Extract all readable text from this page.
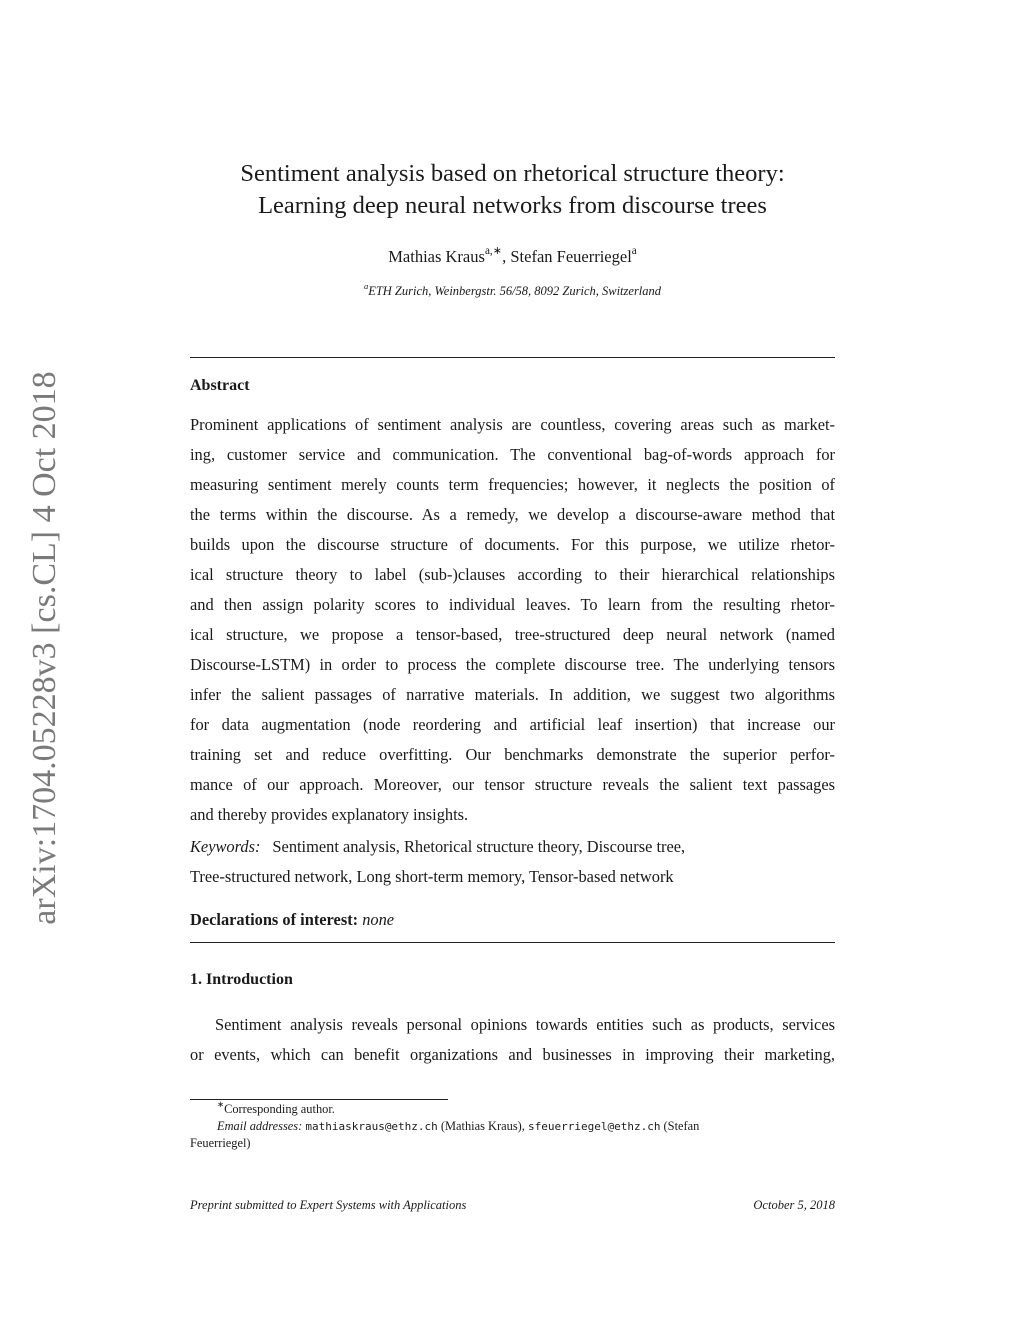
arXiv:1704.05228v3 [cs.CL] 4 Oct 2018
Sentiment analysis based on rhetorical structure theory:
Learning deep neural networks from discourse trees
Mathias Kraus$^{a,∗}$, Stefan Feuerriegel$^a$
$^a$ETH Zurich, Weinbergstr. 56/58, 8092 Zurich, Switzerland
Abstract
Prominent applications of sentiment analysis are countless, covering areas such as market-
ing, customer service and communication. The conventional bag-of-words approach for
measuring sentiment merely counts term frequencies; however, it neglects the position of
the terms within the discourse. As a remedy, we develop a discourse-aware method that
builds upon the discourse structure of documents. For this purpose, we utilize rhetor-
ical structure theory to label (sub-)clauses according to their hierarchical relationships
and then assign polarity scores to individual leaves. To learn from the resulting rhetor-
ical structure, we propose a tensor-based, tree-structured deep neural network (named
Discourse-LSTM) in order to process the complete discourse tree. The underlying tensors
infer the salient passages of narrative materials. In addition, we suggest two algorithms
for data augmentation (node reordering and artificial leaf insertion) that increase our
training set and reduce overfitting. Our benchmarks demonstrate the superior perfor-
mance of our approach. Moreover, our tensor structure reveals the salient text passages
and thereby provides explanatory insights.
Keywords: Sentiment analysis, Rhetorical structure theory, Discourse tree,
Tree-structured network, Long short-term memory, Tensor-based network
Declarations of interest: none
1. Introduction
Sentiment analysis reveals personal opinions towards entities such as products, services
or events, which can benefit organizations and businesses in improving their marketing,
∗Corresponding author.
Email addresses: mathiaskraus@ethz.ch (Mathias Kraus), sfeuerriegel@ethz.ch (Stefan
Feuerriegel)
Preprint submitted to Expert Systems with Applications	October 5, 2018
